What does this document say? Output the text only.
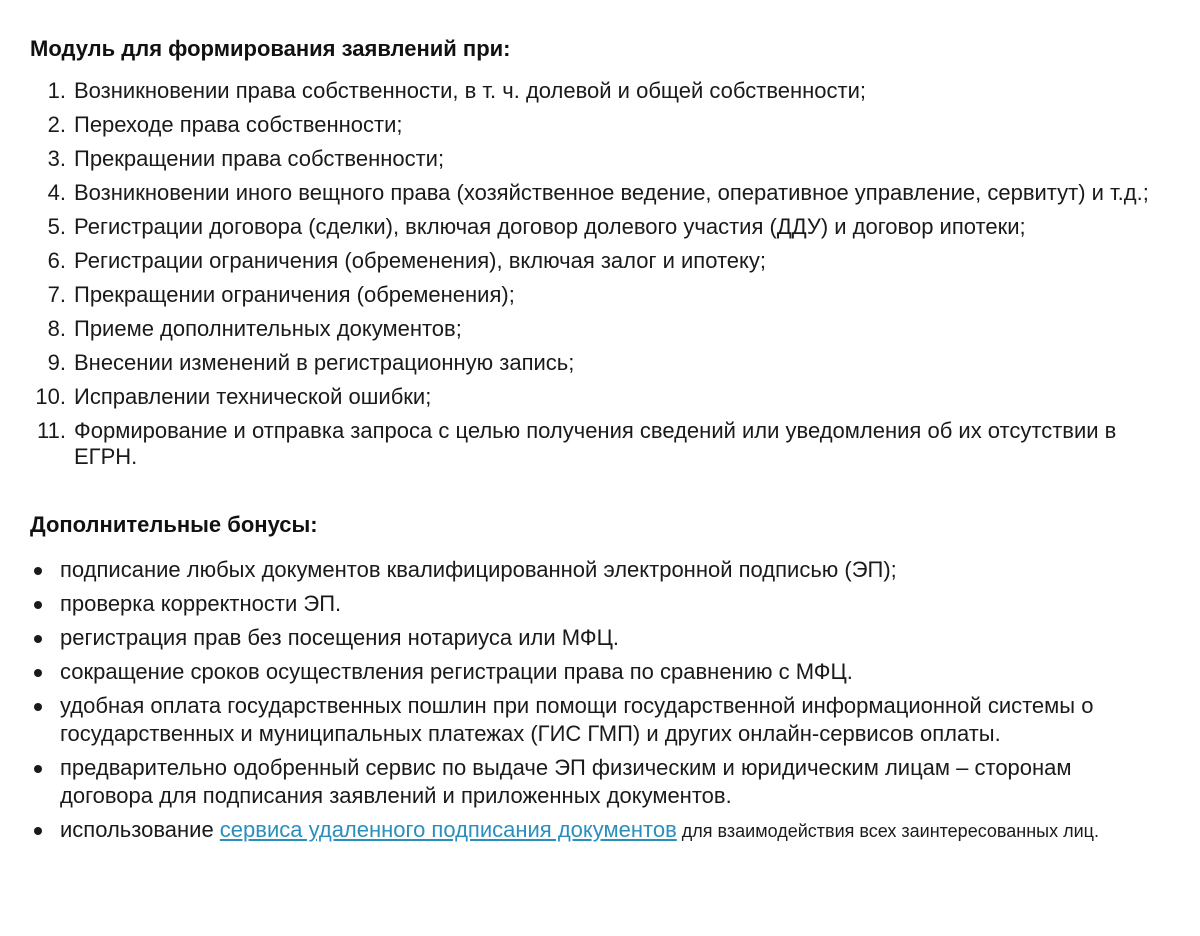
Модуль для формирования заявлений при:
1. Возникновении права собственности, в т. ч. долевой и общей собственности;
2. Переходе права собственности;
3. Прекращении права собственности;
4. Возникновении иного вещного права (хозяйственное ведение, оперативное управление, сервитут) и т.д.;
5. Регистрации договора (сделки), включая договор долевого участия (ДДУ) и договор ипотеки;
6. Регистрации ограничения (обременения), включая залог и ипотеку;
7. Прекращении ограничения (обременения);
8. Приеме дополнительных документов;
9. Внесении изменений в регистрационную запись;
10. Исправлении технической ошибки;
11. Формирование и отправка запроса с целью получения сведений или уведомления об их отсутствии в ЕГРН.
Дополнительные бонусы:
подписание любых документов квалифицированной электронной подписью (ЭП);
проверка корректности ЭП.
регистрация прав без посещения нотариуса или МФЦ.
сокращение сроков осуществления регистрации права по сравнению с МФЦ.
удобная оплата государственных пошлин при помощи государственной информационной системы о государственных и муниципальных платежах (ГИС ГМП) и других онлайн-сервисов оплаты.
предварительно одобренный сервис по выдаче ЭП физическим и юридическим лицам – сторонам договора для подписания заявлений и приложенных документов.
использование сервиса удаленного подписания документов для взаимодействия всех заинтересованных лиц.
